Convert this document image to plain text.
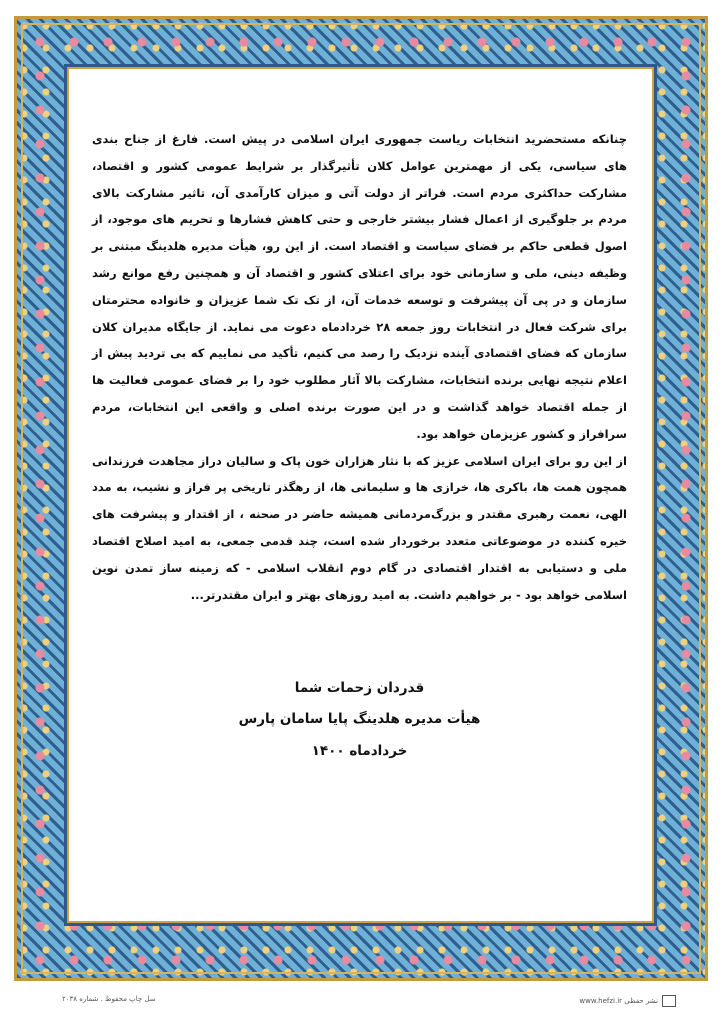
چنانکه مستحضرید انتخابات ریاست جمهوری ایران اسلامی در پیش است. فارغ از جناح بندی های سیاسی، یکی از مهمترین عوامل کلان تأثیرگذار بر شرایط عمومی کشور و اقتصاد، مشارکت حداکثری مردم است. فراتر از دولت آتی و میزان کارآمدی آن، تاثیر مشارکت بالای مردم بر جلوگیری از اعمال فشار بیشتر خارجی و حتی کاهش فشارها و تحریم های موجود، از اصول قطعی حاکم بر فضای سیاست و اقتصاد است. از این رو، هیأت مدیره هلدینگ مبتنی بر وظیفه دینی، ملی و سازمانی خود برای اعتلای کشور و اقتصاد آن و همچنین رفع موانع رشد سازمان و در پی آن پیشرفت و توسعه خدمات آن، از تک تک شما عزیزان و خانواده محترمتان برای شرکت فعال در انتخابات روز جمعه ۲۸ خردادماه دعوت می نماید. از جایگاه مدیران کلان سازمان که فضای اقتصادی آینده نزدیک را رصد می کنیم، تأکید می نماییم که بی تردید پیش از اعلام نتیجه نهایی برنده انتخابات، مشارکت بالا آثار مطلوب خود را بر فضای عمومی فعالیت ها از جمله اقتصاد خواهد گذاشت و در این صورت برنده اصلی و واقعی این انتخابات، مردم سرافراز و کشور عزیزمان خواهد بود.

از این رو برای ایران اسلامی عزیز که با نثار هزاران خون پاک و سالیان دراز مجاهدت فرزندانی همچون همت ها، باکری ها، خرازی ها و سلیمانی ها، از رهگذر تاریخی پر فراز و نشیب، به مدد الهی، نعمت رهبری مقتدر و بزرگ‌مردمانی همیشه حاضر در صحنه ، از اقتدار و پیشرفت های خیره کننده در موضوعاتی متعدد برخوردار شده است، چند قدمی جمعی، به امید اصلاح اقتصاد ملی و دستیابی به اقتدار اقتصادی در گام دوم انقلاب اسلامی - که زمینه ساز تمدن نوین اسلامی خواهد بود - بر خواهیم داشت. به امید روزهای بهتر و ایران مقتدرتر...

قدردان زحمات شما

هیأت مدیره هلدینگ پایا سامان پارس

خردادماه ۱۴۰۰

سل چاپ محفوظ . شماره ۲۰۳۸	www.hefzi.ir نشر حفظی
